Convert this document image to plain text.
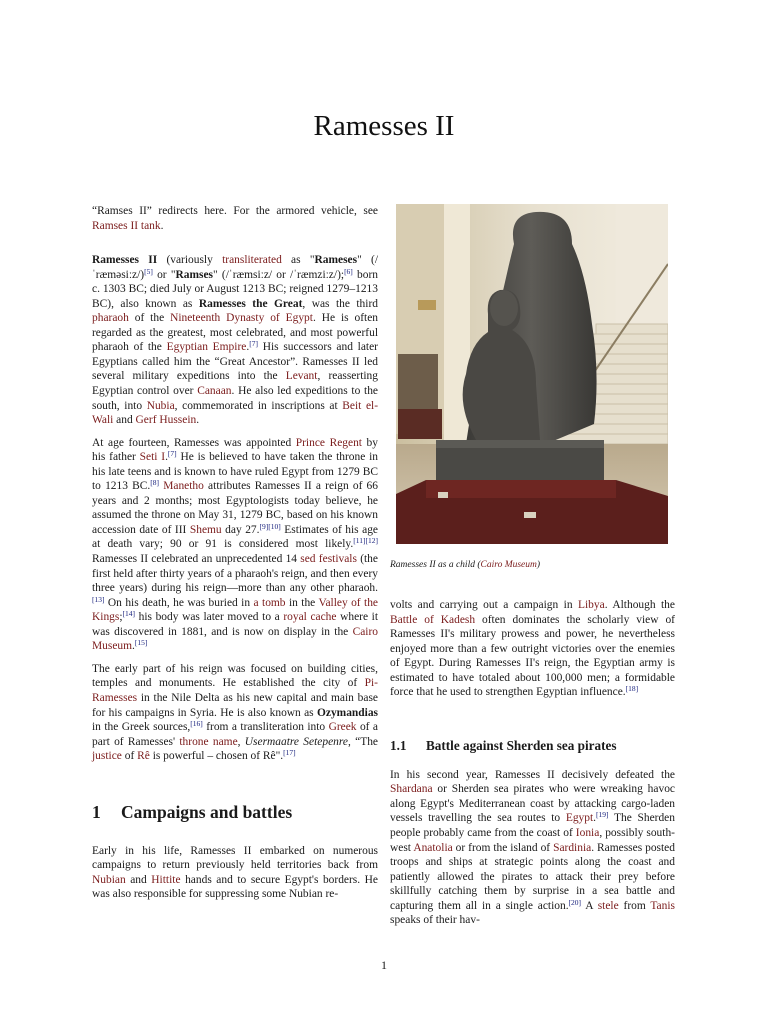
Ramesses II
Ramesses II as a child (Cairo Museum)

“Ramses II” redirects here. For the armored vehicle, see Ramses II tank.

Ramesses II (variously transliterated as "Rameses" (/ˈræməsiːz/)[5] or "Ramses" (/ˈræmsiːz/ or /ˈræmziːz/);[6] born c. 1303 BC; died July or August 1213 BC; reigned 1279–1213 BC), also known as Ramesses the Great, was the third pharaoh of the Nineteenth Dynasty of Egypt. He is often regarded as the greatest, most celebrated, and most powerful pharaoh of the Egyptian Empire.[7] His successors and later Egyptians called him the “Great Ancestor”. Ramesses II led several military expeditions into the Levant, reasserting Egyptian control over Canaan. He also led expeditions to the south, into Nubia, commemorated in inscriptions at Beit el-Wali and Gerf Hussein.

At age fourteen, Ramesses was appointed Prince Regent by his father Seti I.[7] He is believed to have taken the throne in his late teens and is known to have ruled Egypt from 1279 BC to 1213 BC.[8] Manetho attributes Ramesses II a reign of 66 years and 2 months; most Egyptologists today believe, he assumed the throne on May 31, 1279 BC, based on his known accession date of III Shemu day 27.[9][10] Estimates of his age at death vary; 90 or 91 is considered most likely.[11][12] Ramesses II celebrated an unprecedented 14 sed festivals (the first held after thirty years of a pharaoh's reign, and then every three years) during his reign—more than any other pharaoh.[13] On his death, he was buried in a tomb in the Valley of the Kings;[14] his body was later moved to a royal cache where it was discovered in 1881, and is now on display in the Cairo Museum.[15]

The early part of his reign was focused on building cities, temples and monuments. He established the city of Pi-Ramesses in the Nile Delta as his new capital and main base for his campaigns in Syria. He is also known as Ozymandias in the Greek sources,[16] from a transliteration into Greek of a part of Ramesses' throne name, Usermaatre Setepenre, “The justice of Rê is powerful – chosen of Rê".[17]

1 Campaigns and battles

Early in his life, Ramesses II embarked on numerous campaigns to return previously held territories back from Nubian and Hittite hands and to secure Egypt's borders. He was also responsible for suppressing some Nubian re-

volts and carrying out a campaign in Libya. Although the Battle of Kadesh often dominates the scholarly view of Ramesses II's military prowess and power, he nevertheless enjoyed more than a few outright victories over the enemies of Egypt. During Ramesses II's reign, the Egyptian army is estimated to have totaled about 100,000 men; a formidable force that he used to strengthen Egyptian influence.[18]

1.1 Battle against Sherden sea pirates

In his second year, Ramesses II decisively defeated the Shardana or Sherden sea pirates who were wreaking havoc along Egypt's Mediterranean coast by attacking cargo-laden vessels travelling the sea routes to Egypt.[19] The Sherden people probably came from the coast of Ionia, possibly south-west Anatolia or from the island of Sardinia. Ramesses posted troops and ships at strategic points along the coast and patiently allowed the pirates to attack their prey before skillfully catching them by surprise in a sea battle and capturing them all in a single action.[20] A stele from Tanis speaks of their hav-

1
